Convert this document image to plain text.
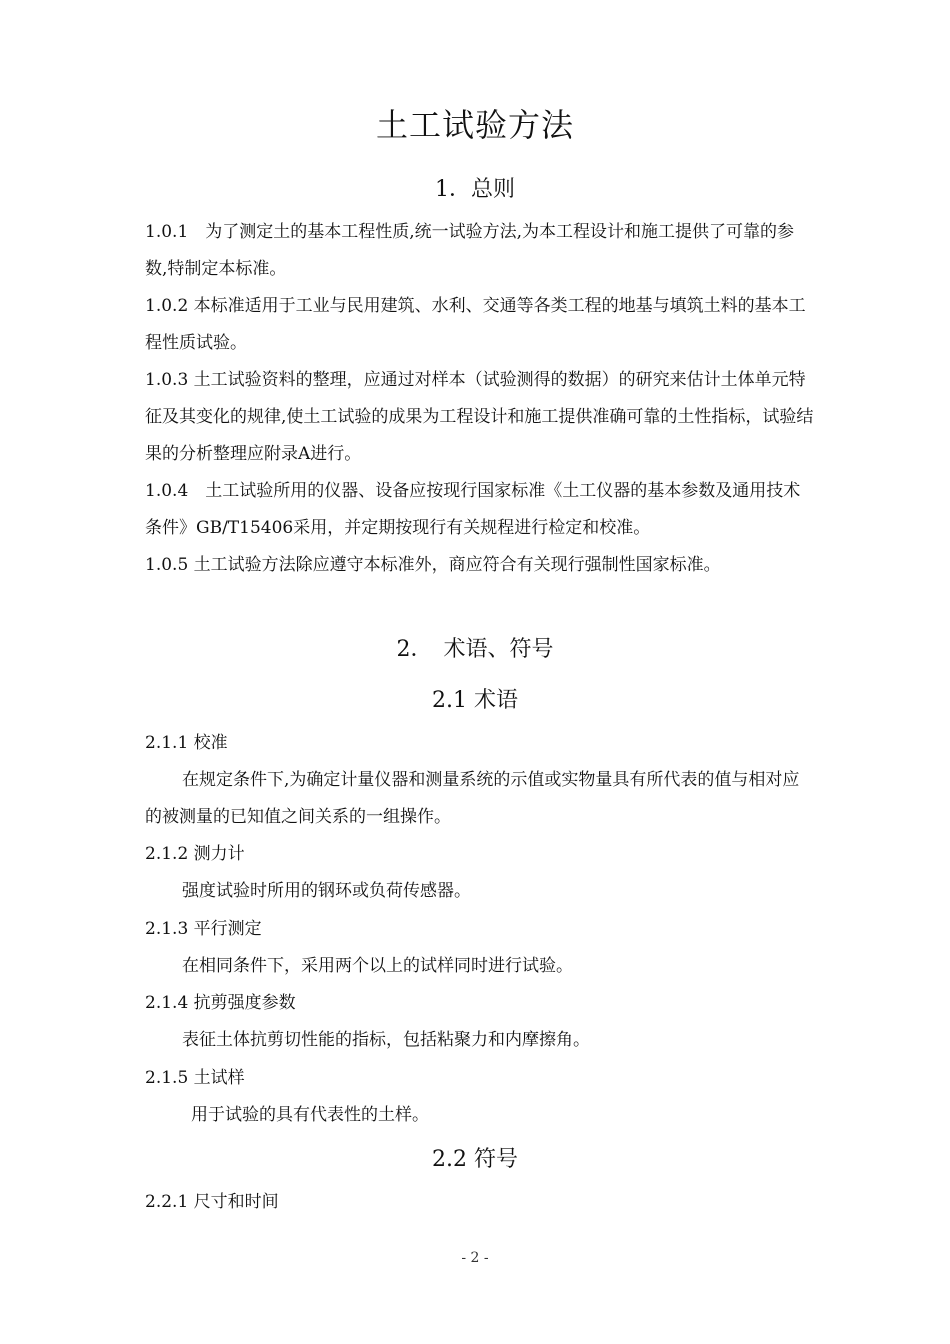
土工试验方法
1．总则
1.0.1　为了测定土的基本工程性质,统一试验方法,为本工程设计和施工提供了可靠的参数,特制定本标准。
1.0.2 本标准适用于工业与民用建筑、水利、交通等各类工程的地基与填筑土料的基本工程性质试验。
1.0.3 土工试验资料的整理，应通过对样本（试验测得的数据）的研究来估计土体单元特征及其变化的规律,使土工试验的成果为工程设计和施工提供准确可靠的土性指标，试验结果的分析整理应附录A进行。
1.0.4　土工试验所用的仪器、设备应按现行国家标准《土工仪器的基本参数及通用技术条件》GB/T15406采用，并定期按现行有关规程进行检定和校准。
1.0.5 土工试验方法除应遵守本标准外，商应符合有关现行强制性国家标准。
2．　术语、符号
2.1 术语
2.1.1 校准
在规定条件下,为确定计量仪器和测量系统的示值或实物量具有所代表的值与相对应的被测量的已知值之间关系的一组操作。
2.1.2 测力计
强度试验时所用的钢环或负荷传感器。
2.1.3 平行测定
在相同条件下，采用两个以上的试样同时进行试验。
2.1.4 抗剪强度参数
表征土体抗剪切性能的指标，包括粘聚力和内摩擦角。
2.1.5 土试样
用于试验的具有代表性的土样。
2.2 符号
2.2.1 尺寸和时间
- 2 -
